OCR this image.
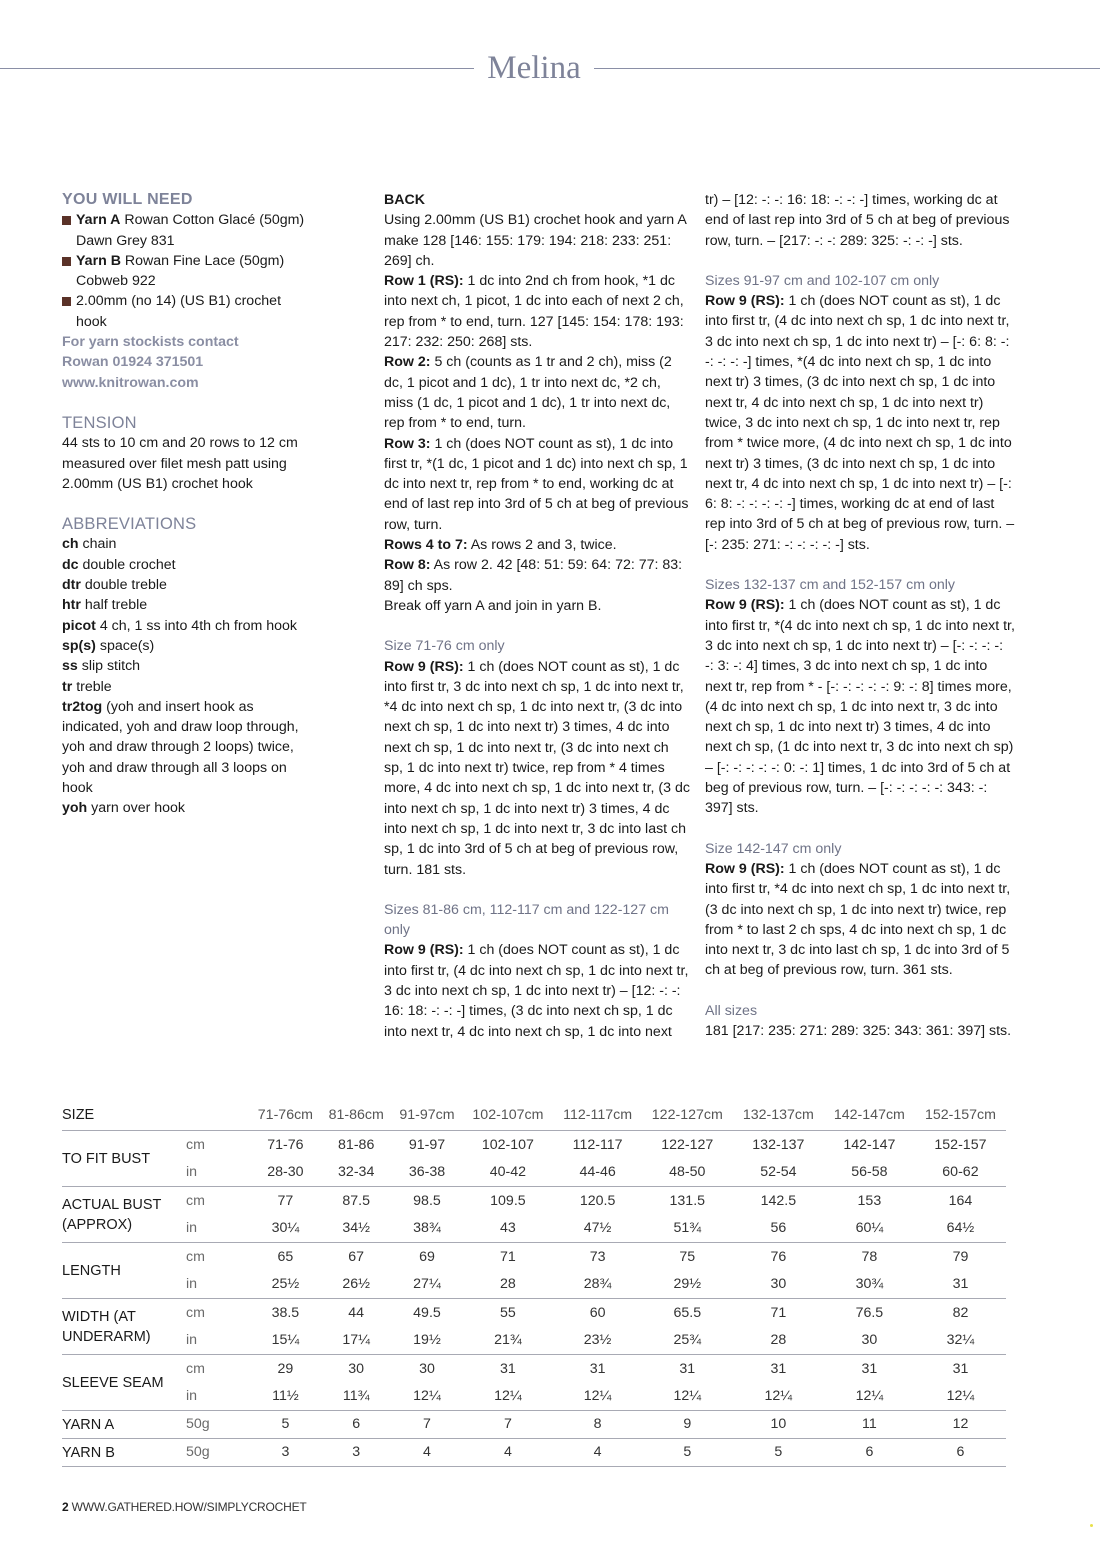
Melina

YOU WILL NEED

Yarn A Rowan Cotton Glacé (50gm) Dawn Grey 831

Yarn B Rowan Fine Lace (50gm) Cobweb 922

2.00mm (no 14) (US B1) crochet hook

For yarn stockists contact

Rowan 01924 371501

www.knitrowan.com

TENSION

44 sts to 10 cm and 20 rows to 12 cm measured over filet mesh patt using 2.00mm (US B1) crochet hook

ABBREVIATIONS

ch chain

dc double crochet

dtr double treble

htr half treble

picot 4 ch, 1 ss into 4th ch from hook

sp(s) space(s)

ss slip stitch

tr treble

tr2tog (yoh and insert hook as indicated, yoh and draw loop through, yoh and draw through 2 loops) twice, yoh and draw through all 3 loops on hook

yoh yarn over hook

BACK

Using 2.00mm (US B1) crochet hook and yarn A make 128 [146: 155: 179: 194: 218: 233: 251: 269] ch.

Row 1 (RS): 1 dc into 2nd ch from hook, *1 dc into next ch, 1 picot, 1 dc into each of next 2 ch, rep from * to end, turn. 127 [145: 154: 178: 193: 217: 232: 250: 268] sts.

Row 2: 5 ch (counts as 1 tr and 2 ch), miss (2 dc, 1 picot and 1 dc), 1 tr into next dc, *2 ch, miss (1 dc, 1 picot and 1 dc), 1 tr into next dc, rep from * to end, turn.

Row 3: 1 ch (does NOT count as st), 1 dc into first tr, *(1 dc, 1 picot and 1 dc) into next ch sp, 1 dc into next tr, rep from * to end, working dc at end of last rep into 3rd of 5 ch at beg of previous row, turn.

Rows 4 to 7: As rows 2 and 3, twice.

Row 8: As row 2. 42 [48: 51: 59: 64: 72: 77: 83: 89] ch sps.

Break off yarn A and join in yarn B.

Size 71-76 cm only

Row 9 (RS): 1 ch (does NOT count as st), 1 dc into first tr, 3 dc into next ch sp, 1 dc into next tr, *4 dc into next ch sp, 1 dc into next tr, (3 dc into next ch sp, 1 dc into next tr) 3 times, 4 dc into next ch sp, 1 dc into next tr, (3 dc into next ch sp, 1 dc into next tr) twice, rep from * 4 times more, 4 dc into next ch sp, 1 dc into next tr, (3 dc into next ch sp, 1 dc into next tr) 3 times, 4 dc into next ch sp, 1 dc into next tr, 3 dc into last ch sp, 1 dc into 3rd of 5 ch at beg of previous row, turn. 181 sts.

Sizes 81-86 cm, 112-117 cm and 122-127 cm only

Row 9 (RS): 1 ch (does NOT count as st), 1 dc into first tr, (4 dc into next ch sp, 1 dc into next tr, 3 dc into next ch sp, 1 dc into next tr) – [12: -: -: 16: 18: -: -: -] times, (3 dc into next ch sp, 1 dc into next tr, 4 dc into next ch sp, 1 dc into next

tr) – [12: -: -: 16: 18: -: -: -] times, working dc at end of last rep into 3rd of 5 ch at beg of previous row, turn. – [217: -: -: 289: 325: -: -: -] sts.

Sizes 91-97 cm and 102-107 cm only

Row 9 (RS): 1 ch (does NOT count as st), 1 dc into first tr, (4 dc into next ch sp, 1 dc into next tr, 3 dc into next ch sp, 1 dc into next tr) – [-: 6: 8: -: -: -: -: -] times, *(4 dc into next ch sp, 1 dc into next tr) 3 times, (3 dc into next ch sp, 1 dc into next tr, 4 dc into next ch sp, 1 dc into next tr) twice, 3 dc into next ch sp, 1 dc into next tr, rep from * twice more, (4 dc into next ch sp, 1 dc into next tr) 3 times, (3 dc into next ch sp, 1 dc into next tr, 4 dc into next ch sp, 1 dc into next tr) – [-: 6: 8: -: -: -: -: -] times, working dc at end of last rep into 3rd of 5 ch at beg of previous row, turn. – [-: 235: 271: -: -: -: -: -] sts.

Sizes 132-137 cm and 152-157 cm only

Row 9 (RS): 1 ch (does NOT count as st), 1 dc into first tr, *(4 dc into next ch sp, 1 dc into next tr, 3 dc into next ch sp, 1 dc into next tr) – [-: -: -: -: -: 3: -: 4] times, 3 dc into next ch sp, 1 dc into next tr, rep from * - [-: -: -: -: -: 9: -: 8] times more, (4 dc into next ch sp, 1 dc into next tr, 3 dc into next ch sp, 1 dc into next tr) 3 times, 4 dc into next ch sp, (1 dc into next tr, 3 dc into next ch sp) – [-: -: -: -: -: 0: -: 1] times, 1 dc into 3rd of 5 ch at beg of previous row, turn. – [-: -: -: -: -: 343: -: 397] sts.

Size 142-147 cm only

Row 9 (RS): 1 ch (does NOT count as st), 1 dc into first tr, *4 dc into next ch sp, 1 dc into next tr, (3 dc into next ch sp, 1 dc into next tr) twice, rep from * to last 2 ch sps, 4 dc into next ch sp, 1 dc into next tr, 3 dc into last ch sp, 1 dc into 3rd of 5 ch at beg of previous row, turn. 361 sts.

All sizes

181 [217: 235: 271: 289: 325: 343: 361: 397] sts.

SIZE		71-76cm	81-86cm	91-97cm	102-107cm	112-117cm	122-127cm	132-137cm	142-147cm	152-157cm
TO FIT BUST	cm	71-76	81-86	91-97	102-107	112-117	122-127	132-137	142-147	152-157
	in	28-30	32-34	36-38	40-42	44-46	48-50	52-54	56-58	60-62
ACTUAL BUST (APPROX)	cm	77	87.5	98.5	109.5	120.5	131.5	142.5	153	164
	in	30¼	34½	38¾	43	47½	51¾	56	60¼	64½
LENGTH	cm	65	67	69	71	73	75	76	78	79
	in	25½	26½	27¼	28	28¾	29½	30	30¾	31
WIDTH (AT UNDERARM)	cm	38.5	44	49.5	55	60	65.5	71	76.5	82
	in	15¼	17¼	19½	21¾	23½	25¾	28	30	32¼
SLEEVE SEAM	cm	29	30	30	31	31	31	31	31	31
	in	11½	11¾	12¼	12¼	12¼	12¼	12¼	12¼	12¼
YARN A	50g	5	6	7	7	8	9	10	11	12
YARN B	50g	3	3	4	4	4	5	5	6	6
2 WWW.GATHERED.HOW/SIMPLYCROCHET
